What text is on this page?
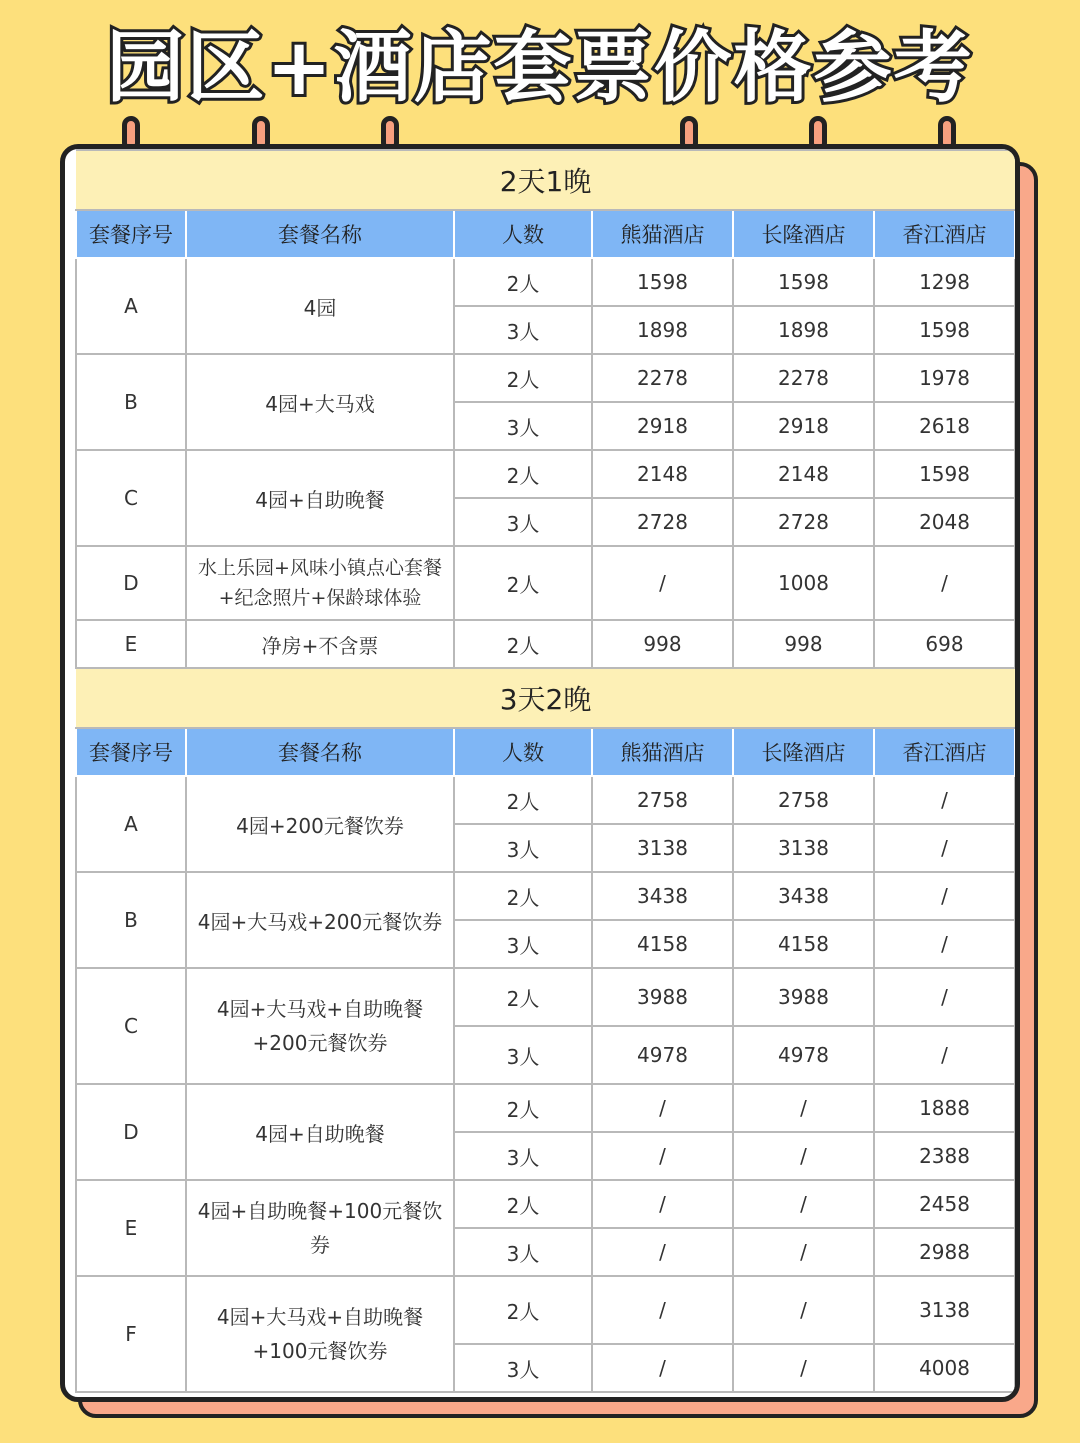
园区+酒店套票价格参考
2天1晚					
套餐序号	套餐名称	人数	熊猫酒店	长隆酒店	香江酒店
A	4园	2人	1598	1598	1298
		3人	1898	1898	1598
B	4园+大马戏	2人	2278	2278	1978
		3人	2918	2918	2618
C	4园+自助晚餐	2人	2148	2148	1598
		3人	2728	2728	2048
D	水上乐园+风味小镇点心套餐
+纪念照片+保龄球体验	2人	/	1008	/
E	净房+不含票	2人	998	998	698
3天2晚					
套餐序号	套餐名称	人数	熊猫酒店	长隆酒店	香江酒店
A	4园+200元餐饮券	2人	2758	2758	/
		3人	3138	3138	/
B	4园+大马戏+200元餐饮券	2人	3438	3438	/
		3人	4158	4158	/
C	4园+大马戏+自助晚餐
+200元餐饮券	2人	3988	3988	/
		3人	4978	4978	/
D	4园+自助晚餐	2人	/	/	1888
		3人	/	/	2388
E	4园+自助晚餐+100元餐饮
券	2人	/	/	2458
		3人	/	/	2988
F	4园+大马戏+自助晚餐
+100元餐饮券	2人	/	/	3138
		3人	/	/	4008
